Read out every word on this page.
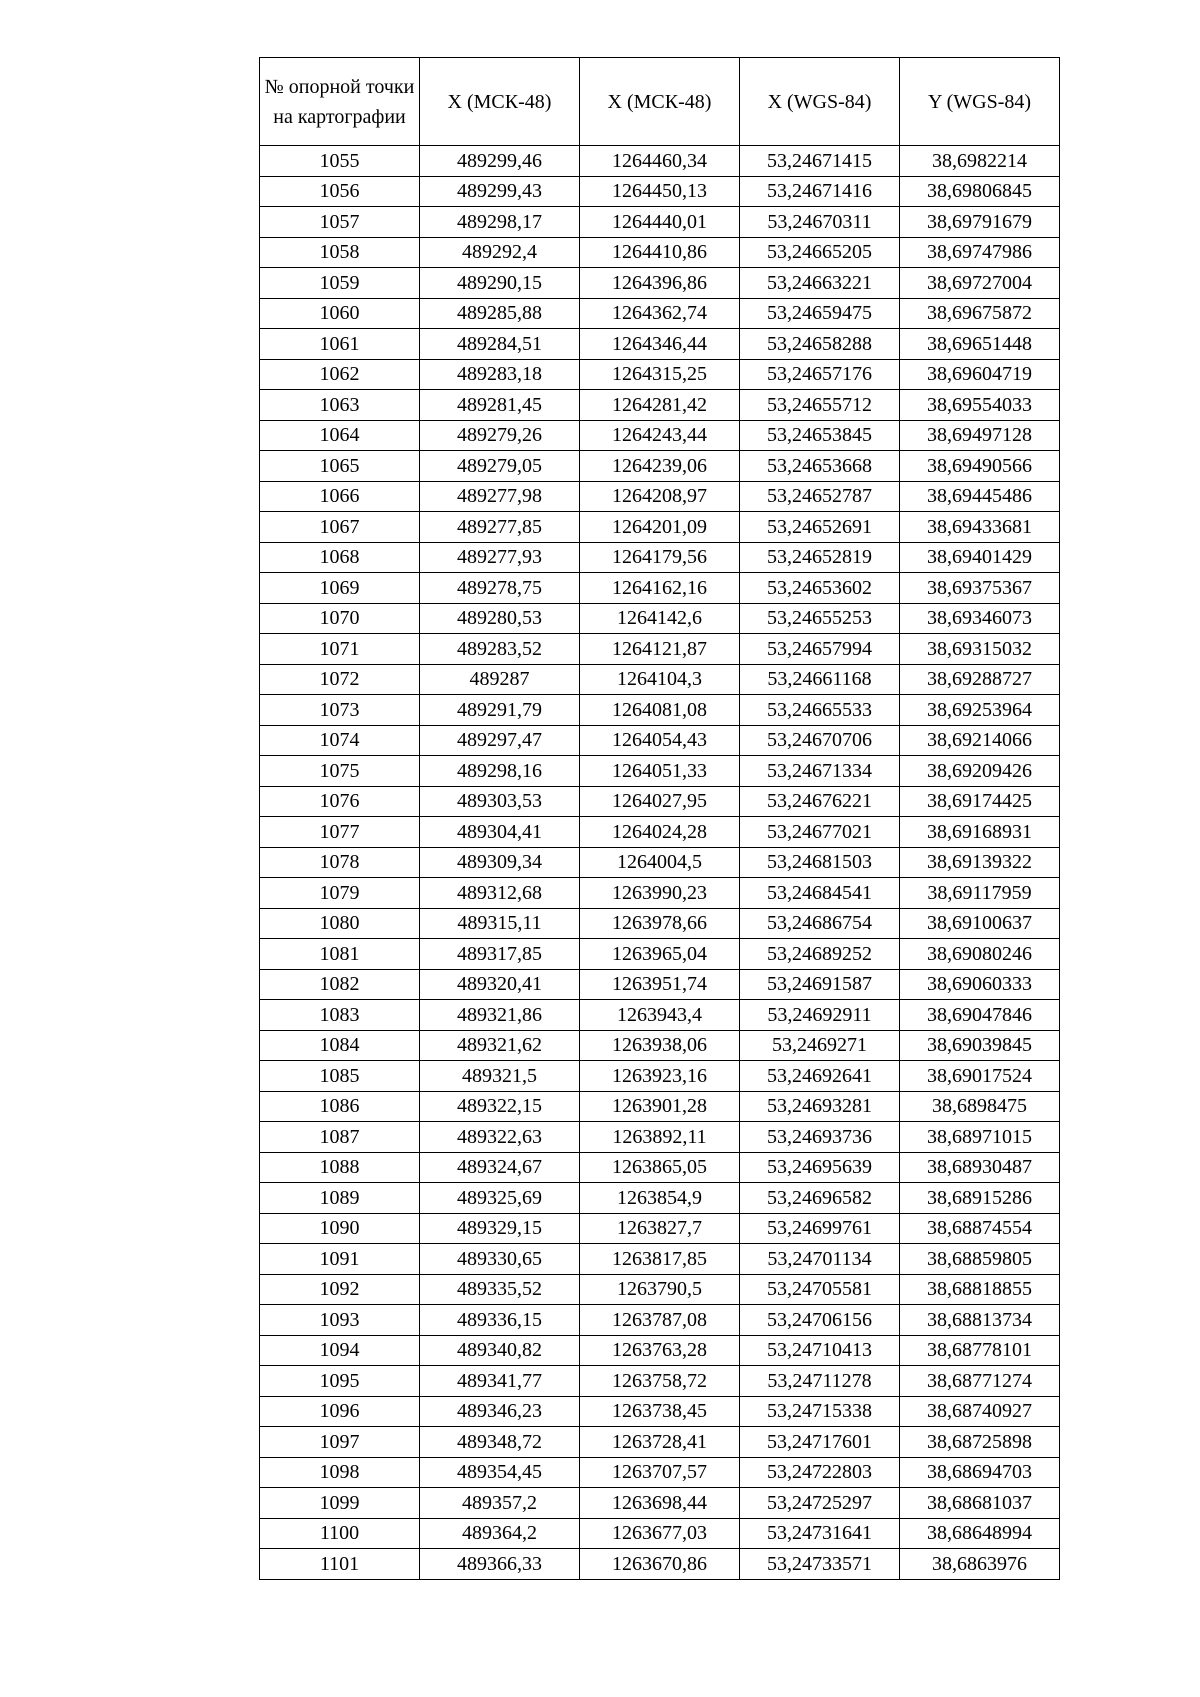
№ опорной точки на картографии	X (МСК-48)	X (МСК-48)	X (WGS-84)	Y (WGS-84)
1055	489299,46	1264460,34	53,24671415	38,6982214
1056	489299,43	1264450,13	53,24671416	38,69806845
1057	489298,17	1264440,01	53,24670311	38,69791679
1058	489292,4	1264410,86	53,24665205	38,69747986
1059	489290,15	1264396,86	53,24663221	38,69727004
1060	489285,88	1264362,74	53,24659475	38,69675872
1061	489284,51	1264346,44	53,24658288	38,69651448
1062	489283,18	1264315,25	53,24657176	38,69604719
1063	489281,45	1264281,42	53,24655712	38,69554033
1064	489279,26	1264243,44	53,24653845	38,69497128
1065	489279,05	1264239,06	53,24653668	38,69490566
1066	489277,98	1264208,97	53,24652787	38,69445486
1067	489277,85	1264201,09	53,24652691	38,69433681
1068	489277,93	1264179,56	53,24652819	38,69401429
1069	489278,75	1264162,16	53,24653602	38,69375367
1070	489280,53	1264142,6	53,24655253	38,69346073
1071	489283,52	1264121,87	53,24657994	38,69315032
1072	489287	1264104,3	53,24661168	38,69288727
1073	489291,79	1264081,08	53,24665533	38,69253964
1074	489297,47	1264054,43	53,24670706	38,69214066
1075	489298,16	1264051,33	53,24671334	38,69209426
1076	489303,53	1264027,95	53,24676221	38,69174425
1077	489304,41	1264024,28	53,24677021	38,69168931
1078	489309,34	1264004,5	53,24681503	38,69139322
1079	489312,68	1263990,23	53,24684541	38,69117959
1080	489315,11	1263978,66	53,24686754	38,69100637
1081	489317,85	1263965,04	53,24689252	38,69080246
1082	489320,41	1263951,74	53,24691587	38,69060333
1083	489321,86	1263943,4	53,24692911	38,69047846
1084	489321,62	1263938,06	53,2469271	38,69039845
1085	489321,5	1263923,16	53,24692641	38,69017524
1086	489322,15	1263901,28	53,24693281	38,6898475
1087	489322,63	1263892,11	53,24693736	38,68971015
1088	489324,67	1263865,05	53,24695639	38,68930487
1089	489325,69	1263854,9	53,24696582	38,68915286
1090	489329,15	1263827,7	53,24699761	38,68874554
1091	489330,65	1263817,85	53,24701134	38,68859805
1092	489335,52	1263790,5	53,24705581	38,68818855
1093	489336,15	1263787,08	53,24706156	38,68813734
1094	489340,82	1263763,28	53,24710413	38,68778101
1095	489341,77	1263758,72	53,24711278	38,68771274
1096	489346,23	1263738,45	53,24715338	38,68740927
1097	489348,72	1263728,41	53,24717601	38,68725898
1098	489354,45	1263707,57	53,24722803	38,68694703
1099	489357,2	1263698,44	53,24725297	38,68681037
1100	489364,2	1263677,03	53,24731641	38,68648994
1101	489366,33	1263670,86	53,24733571	38,6863976
